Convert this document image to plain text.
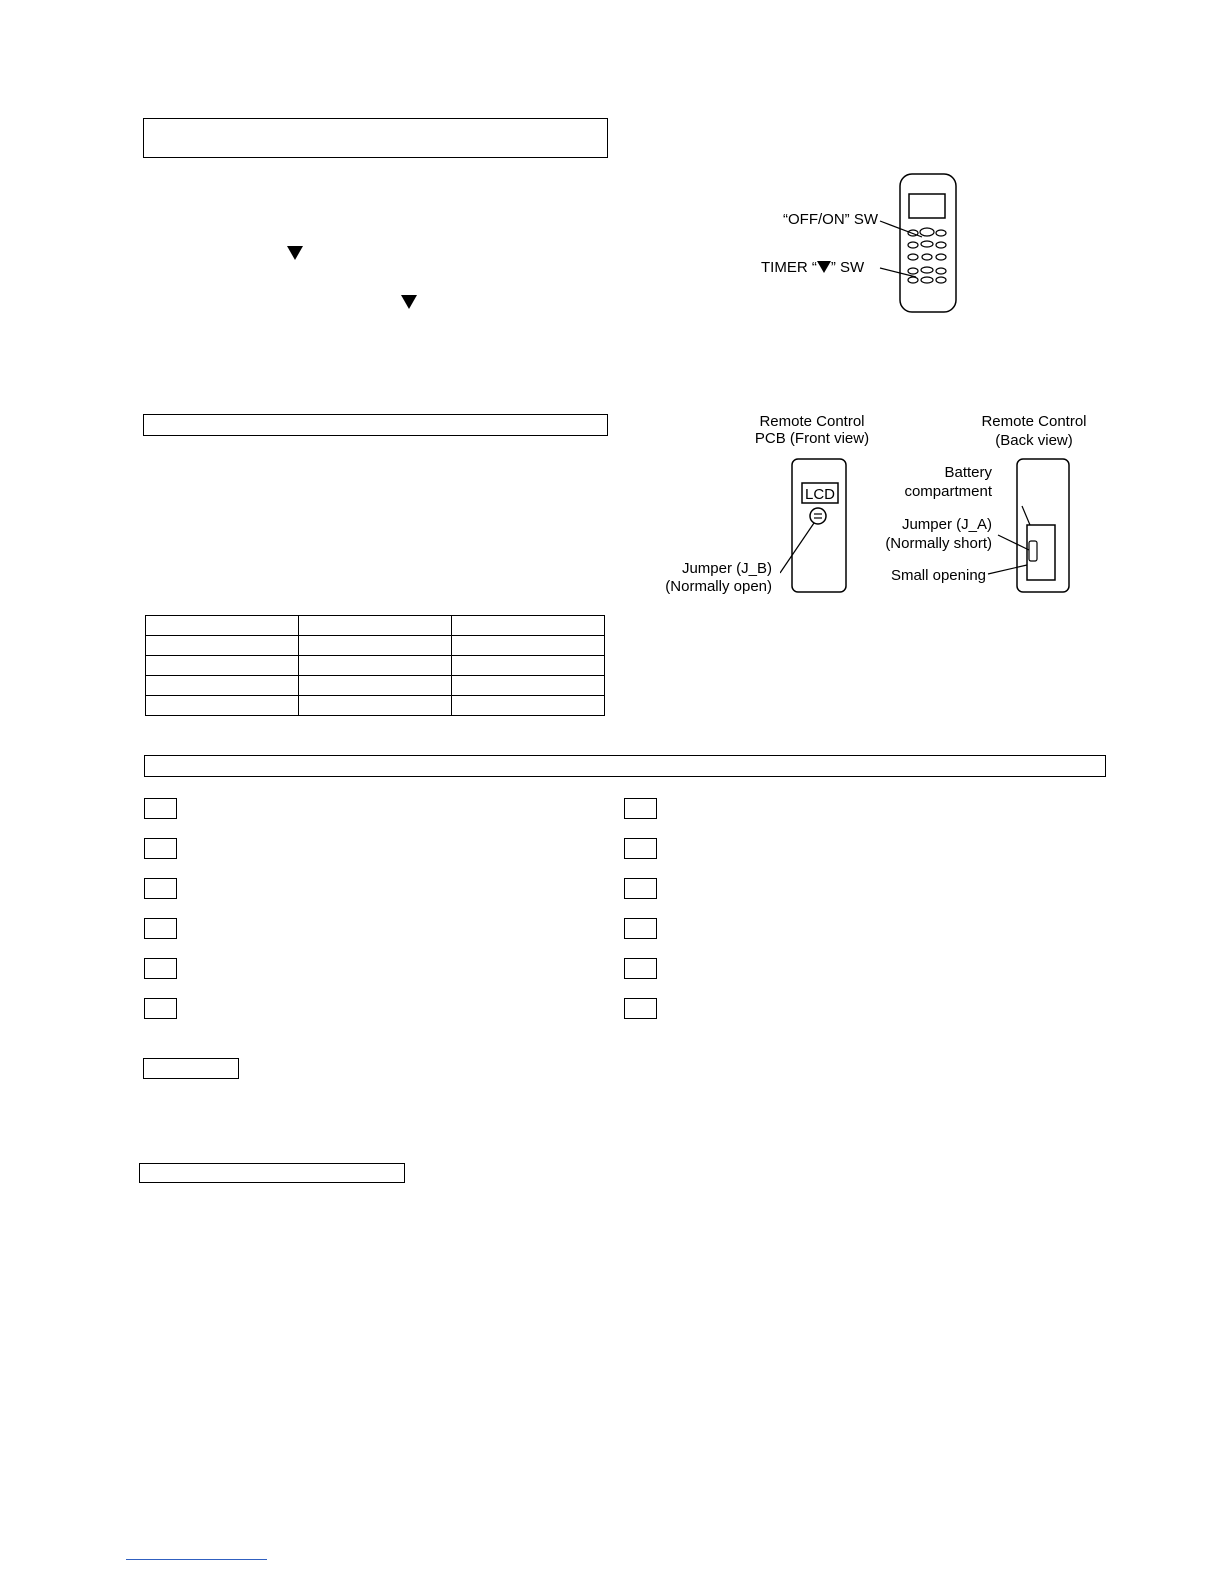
“OFF/ON” SW
TIMER “ ” SW
Remote Control
PCB (Front view)
LCD
Jumper (J_B)
(Normally open)
Remote Control
(Back view)
Battery
compartment
Jumper (J_A)
(Normally short)
Small opening
